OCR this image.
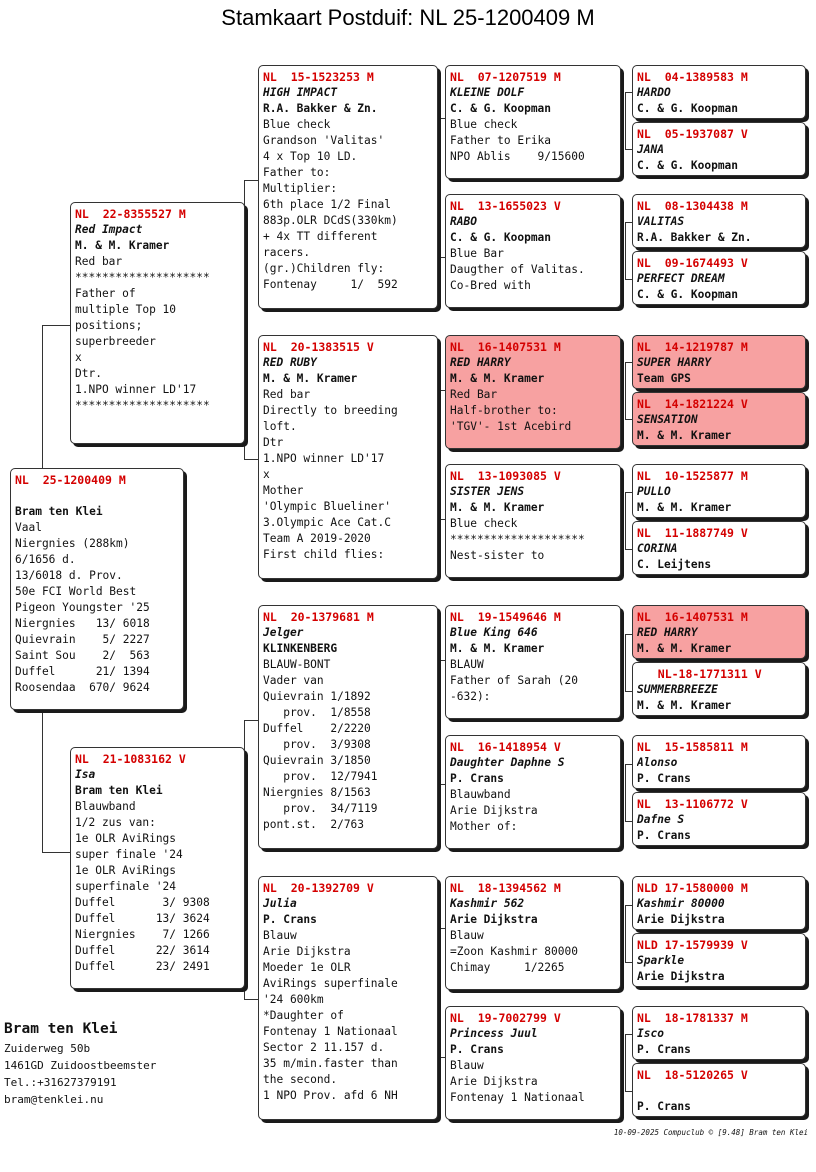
Stamkaart Postduif: NL 25-1200409 M
NL  25-1200409 M
Bram ten Klei
Vaal
Niergnies (288km)
6/1656 d.
13/6018 d. Prov.
50e FCI World Best
Pigeon Youngster '25
Niergnies   13/ 6018
Quievrain    5/ 2227
Saint Sou    2/  563
Duffel      21/ 1394
Roosendaa  670/ 9624
NL  22-8355527 M
Red Impact
M. & M. Kramer
Red bar
********************
Father of
multiple Top 10
positions;
superbreeder
x
Dtr.
1.NPO winner LD'17
********************
NL  21-1083162 V
Isa
Bram ten Klei
Blauwband
1/2 zus van:
1e OLR AviRings
super finale '24
1e OLR AviRings
superfinale '24
Duffel       3/ 9308
Duffel      13/ 3624
Niergnies    7/ 1266
Duffel      22/ 3614
Duffel      23/ 2491
NL  15-1523253 M
HIGH IMPACT
R.A. Bakker & Zn.
Blue check
Grandson 'Valitas'
4 x Top 10 LD.
Father to:
Multiplier:
6th place 1/2 Final
883p.OLR DCdS(330km)
+ 4x TT different
racers.
(gr.)Children fly:
Fontenay     1/  592
NL  20-1383515 V
RED RUBY
M. & M. Kramer
Red bar
Directly to breeding
loft.
Dtr
1.NPO winner LD'17
x
Mother
'Olympic Blueliner'
3.Olympic Ace Cat.C
Team A 2019-2020
First child flies:
NL  20-1379681 M
Jelger
KLINKENBERG
BLAUW-BONT
Vader van
Quievrain 1/1892
prov.  1/8558
Duffel    2/2220
prov.  3/9308
Quievrain 3/1850
prov.  12/7941
Niergnies 8/1563
prov.  34/7119
pont.st.  2/763
NL  20-1392709 V
Julia
P. Crans
Blauw
Arie Dijkstra
Moeder 1e OLR
AviRings superfinale
'24 600km
*Daughter of
Fontenay 1 Nationaal
Sector 2 11.157 d.
35 m/min.faster than
the second.
1 NPO Prov. afd 6 NH
NL  07-1207519 M
KLEINE DOLF
C. & G. Koopman
Blue check
Father to Erika
NPO Ablis    9/15600
NL  13-1655023 V
RABO
C. & G. Koopman
Blue Bar
Daugther of Valitas.
Co-Bred with
NL  16-1407531 M
RED HARRY
M. & M. Kramer
Red Bar
Half-brother to:
'TGV'- 1st Acebird
NL  13-1093085 V
SISTER JENS
M. & M. Kramer
Blue check
********************
Nest-sister to
NL  19-1549646 M
Blue King 646
M. & M. Kramer
BLAUW
Father of Sarah (20
-632):
NL  16-1418954 V
Daughter Daphne S
P. Crans
Blauwband
Arie Dijkstra
Mother of:
NL  18-1394562 M
Kashmir 562
Arie Dijkstra
Blauw
=Zoon Kashmir 80000
Chimay     1/2265
NL  19-7002799 V
Princess Juul
P. Crans
Blauw
Arie Dijkstra
Fontenay 1 Nationaal
NL  04-1389583 M
HARDO
C. & G. Koopman
NL  05-1937087 V
JANA
C. & G. Koopman
NL  08-1304438 M
VALITAS
R.A. Bakker & Zn.
NL  09-1674493 V
PERFECT DREAM
C. & G. Koopman
NL  14-1219787 M
SUPER HARRY
Team GPS
NL  14-1821224 V
SENSATION
M. & M. Kramer
NL  10-1525877 M
PULLO
M. & M. Kramer
NL  11-1887749 V
CORINA
C. Leijtens
NL  16-1407531 M
RED HARRY
M. & M. Kramer
NL-18-1771311 V
SUMMERBREEZE
M. & M. Kramer
NL  15-1585811 M
Alonso
P. Crans
NL  13-1106772 V
Dafne S
P. Crans
NLD 17-1580000 M
Kashmir 80000
Arie Dijkstra
NLD 17-1579939 V
Sparkle
Arie Dijkstra
NL  18-1781337 M
Isco
P. Crans
NL  18-5120265 V
P. Crans
Bram ten Klei
Zuiderweg 50b
1461GD Zuidoostbeemster
Tel.:+31627379191
bram@tenklei.nu
10-09-2025 Compuclub © [9.48] Bram ten Klei
